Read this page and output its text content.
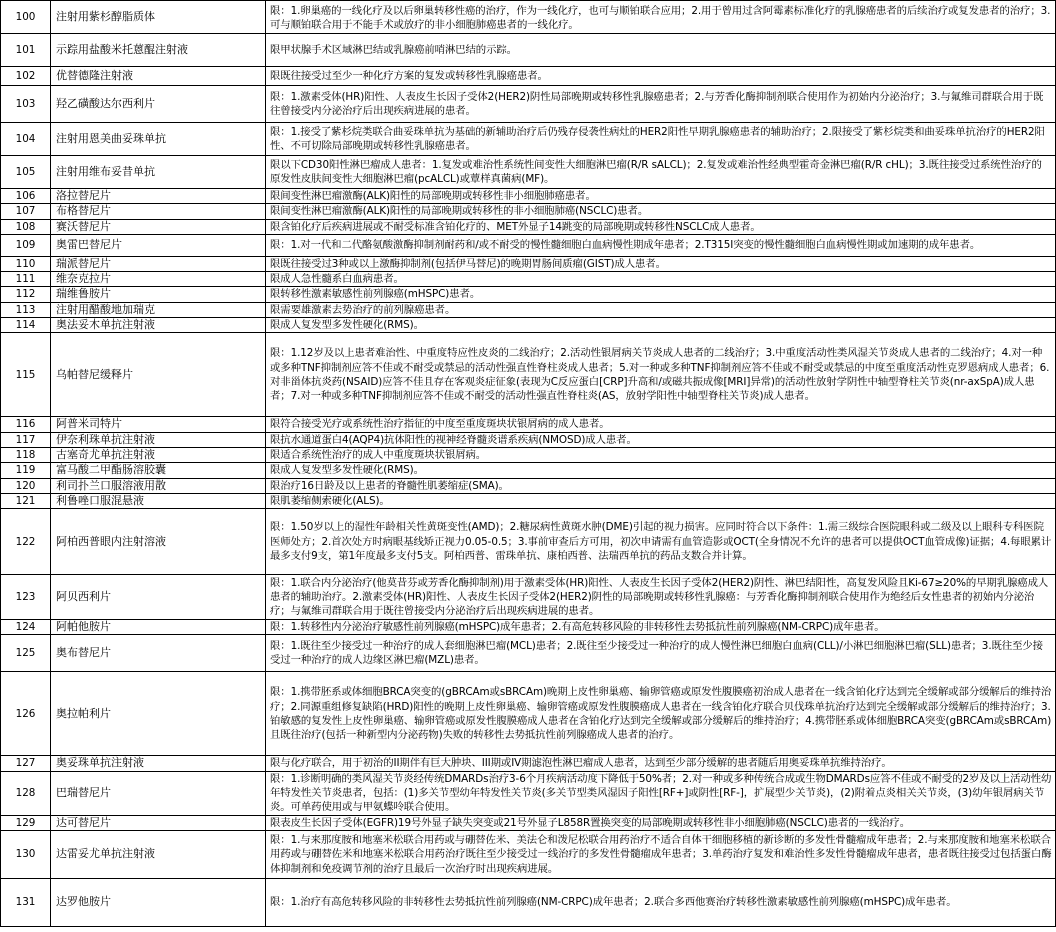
100	注射用紫杉醇脂质体	限：1.卵巢癌的一线化疗及以后卵巢转移性癌的治疗，作为一线化疗，也可与顺铂联合应用；2.用于曾用过含阿霉素标准化疗的乳腺癌患者的后续治疗或复发患者的治疗；3.可与顺铂联合用于不能手术或放疗的非小细胞肺癌患者的一线化疗。
101	示踪用盐酸米托蒽醌注射液	限甲状腺手术区域淋巴结或乳腺癌前哨淋巴结的示踪。
102	优替德隆注射液	限既往接受过至少一种化疗方案的复发或转移性乳腺癌患者。
103	羟乙磺酸达尔西利片	限：1.激素受体(HR)阳性、人表皮生长因子受体2(HER2)阴性局部晚期或转移性乳腺癌患者；2.与芳香化酶抑制剂联合使用作为初始内分泌治疗；3.与氟维司群联合用于既往曾接受内分泌治疗后出现疾病进展的患者。
104	注射用恩美曲妥珠单抗	限：1.接受了紫杉烷类联合曲妥珠单抗为基础的新辅助治疗后仍残存侵袭性病灶的HER2阳性早期乳腺癌患者的辅助治疗；2.限接受了紫杉烷类和曲妥珠单抗治疗的HER2阳性、不可切除局部晚期或转移性乳腺癌患者。
105	注射用维布妥昔单抗	限以下CD30阳性淋巴瘤成人患者：1.复发或难治性系统性间变性大细胞淋巴瘤(R/R sALCL)；2.复发或难治性经典型霍奇金淋巴瘤(R/R cHL)；3.既往接受过系统性治疗的原发性皮肤间变性大细胞淋巴瘤(pcALCL)或蕈样真菌病(MF)。
106	洛拉替尼片	限间变性淋巴瘤激酶(ALK)阳性的局部晚期或转移性非小细胞肺癌患者。
107	布格替尼片	限间变性淋巴瘤激酶(ALK)阳性的局部晚期或转移性的非小细胞肺癌(NSCLC)患者。
108	赛沃替尼片	限含铂化疗后疾病进展或不耐受标准含铂化疗的、MET外显子14跳变的局部晚期或转移性NSCLC成人患者。
109	奥雷巴替尼片	限：1.对一代和二代酪氨酸激酶抑制剂耐药和/或不耐受的慢性髓细胞白血病慢性期成年患者；2.T315I突变的慢性髓细胞白血病慢性期或加速期的成年患者。
110	瑞派替尼片	限既往接受过3种或以上激酶抑制剂(包括伊马替尼)的晚期胃肠间质瘤(GIST)成人患者。
111	维奈克拉片	限成人急性髓系白血病患者。
112	瑞维鲁胺片	限转移性激素敏感性前列腺癌(mHSPC)患者。
113	注射用醋酸地加瑞克	限需要雄激素去势治疗的前列腺癌患者。
114	奥法妥木单抗注射液	限成人复发型多发性硬化(RMS)。
115	乌帕替尼缓释片	限：1.12岁及以上患者难治性、中重度特应性皮炎的二线治疗；2.活动性银屑病关节炎成人患者的二线治疗；3.中重度活动性类风湿关节炎成人患者的二线治疗；4.对一种或多种TNF抑制剂应答不佳或不耐受或禁忌的活动性强直性脊柱炎成人患者；5.对一种或多种TNF抑制剂应答不佳或不耐受或禁忌的中度至重度活动性克罗恩病成人患者；6.对非甾体抗炎药(NSAID)应答不佳且存在客观炎症征象(表现为C反应蛋白[CRP]升高和/或磁共振成像[MRI]异常)的活动性放射学阴性中轴型脊柱关节炎(nr-axSpA)成人患者；7.对一种或多种TNF抑制剂应答不佳或不耐受的活动性强直性脊柱炎(AS，放射学阳性中轴型脊柱关节炎)成人患者。
116	阿普米司特片	限符合接受光疗或系统性治疗指征的中度至重度斑块状银屑病的成人患者。
117	伊奈利珠单抗注射液	限抗水通道蛋白4(AQP4)抗体阳性的视神经脊髓炎谱系疾病(NMOSD)成人患者。
118	古塞奇尤单抗注射液	限适合系统性治疗的成人中重度斑块状银屑病。
119	富马酸二甲酯肠溶胶囊	限成人复发型多发性硬化(RMS)。
120	利司扑兰口服溶液用散	限治疗16日龄及以上患者的脊髓性肌萎缩症(SMA)。
121	利鲁唑口服混悬液	限肌萎缩侧索硬化(ALS)。
122	阿柏西普眼内注射溶液	限：1.50岁以上的湿性年龄相关性黄斑变性(AMD)；2.糖尿病性黄斑水肿(DME)引起的视力损害。应同时符合以下条件：1.需三级综合医院眼科或二级及以上眼科专科医院医师处方；2.首次处方时病眼基线矫正视力0.05-0.5；3.事前审查后方可用，初次申请需有血管造影或OCT(全身情况不允许的患者可以提供OCT血管成像)证据；4.每眼累计最多支付9支，第1年度最多支付5支。阿柏西普、雷珠单抗、康柏西普、法瑞西单抗的药品支数合并计算。
123	阿贝西利片	限：1.联合内分泌治疗(他莫昔芬或芳香化酶抑制剂)用于激素受体(HR)阳性、人表皮生长因子受体2(HER2)阴性、淋巴结阳性，高复发风险且Ki-67≥20%的早期乳腺癌成人患者的辅助治疗。2.激素受体(HR)阳性、人表皮生长因子受体2(HER2)阴性的局部晚期或转移性乳腺癌：与芳香化酶抑制剂联合使用作为绝经后女性患者的初始内分泌治疗；与氟维司群联合用于既往曾接受内分泌治疗后出现疾病进展的患者。
124	阿帕他胺片	限：1.转移性内分泌治疗敏感性前列腺癌(mHSPC)成年患者；2.有高危转移风险的非转移性去势抵抗性前列腺癌(NM-CRPC)成年患者。
125	奥布替尼片	限：1.既往至少接受过一种治疗的成人套细胞淋巴瘤(MCL)患者；2.既往至少接受过一种治疗的成人慢性淋巴细胞白血病(CLL)/小淋巴细胞淋巴瘤(SLL)患者；3.既往至少接受过一种治疗的成人边缘区淋巴瘤(MZL)患者。
126	奥拉帕利片	限：1.携带胚系或体细胞BRCA突变的(gBRCAm或sBRCAm)晚期上皮性卵巢癌、输卵管癌或原发性腹膜癌初治成人患者在一线含铂化疗达到完全缓解或部分缓解后的维持治疗；2.同源重组修复缺陷(HRD)阳性的晚期上皮性卵巢癌、输卵管癌或原发性腹膜癌成人患者在一线含铂化疗联合贝伐珠单抗治疗达到完全缓解或部分缓解后的维持治疗；3.铂敏感的复发性上皮性卵巢癌、输卵管癌或原发性腹膜癌成人患者在含铂化疗达到完全缓解或部分缓解后的维持治疗；4.携带胚系或体细胞BRCA突变(gBRCAm或sBRCAm)且既往治疗(包括一种新型内分泌药物)失败的转移性去势抵抗性前列腺癌成人患者的治疗。
127	奥妥珠单抗注射液	限与化疗联合，用于初治的II期伴有巨大肿块、III期或IV期滤泡性淋巴瘤成人患者，达到至少部分缓解的患者随后用奥妥珠单抗维持治疗。
128	巴瑞替尼片	限：1.诊断明确的类风湿关节炎经传统DMARDs治疗3-6个月疾病活动度下降低于50%者；2.对一种或多种传统合成或生物DMARDs应答不佳或不耐受的2岁及以上活动性幼年特发性关节炎患者，包括：(1)多关节型幼年特发性关节炎(多关节型类风湿因子阳性[RF+]或阴性[RF-]，扩展型少关节炎)，(2)附着点炎相关关节炎，(3)幼年银屑病关节炎。可单药使用或与甲氨蝶呤联合使用。
129	达可替尼片	限表皮生长因子受体(EGFR)19号外显子缺失突变或21号外显子L858R置换突变的局部晚期或转移性非小细胞肺癌(NSCLC)患者的一线治疗。
130	达雷妥尤单抗注射液	限：1.与来那度胺和地塞米松联合用药或与硼替佐米、美法仑和泼尼松联合用药治疗不适合自体干细胞移植的新诊断的多发性骨髓瘤成年患者；2.与来那度胺和地塞米松联合用药或与硼替佐米和地塞米松联合用药治疗既往至少接受过一线治疗的多发性骨髓瘤成年患者；3.单药治疗复发和难治性多发性骨髓瘤成年患者，患者既往接受过包括蛋白酶体抑制剂和免疫调节剂的治疗且最后一次治疗时出现疾病进展。
131	达罗他胺片	限：1.治疗有高危转移风险的非转移性去势抵抗性前列腺癌(NM-CRPC)成年患者；2.联合多西他赛治疗转移性激素敏感性前列腺癌(mHSPC)成年患者。
